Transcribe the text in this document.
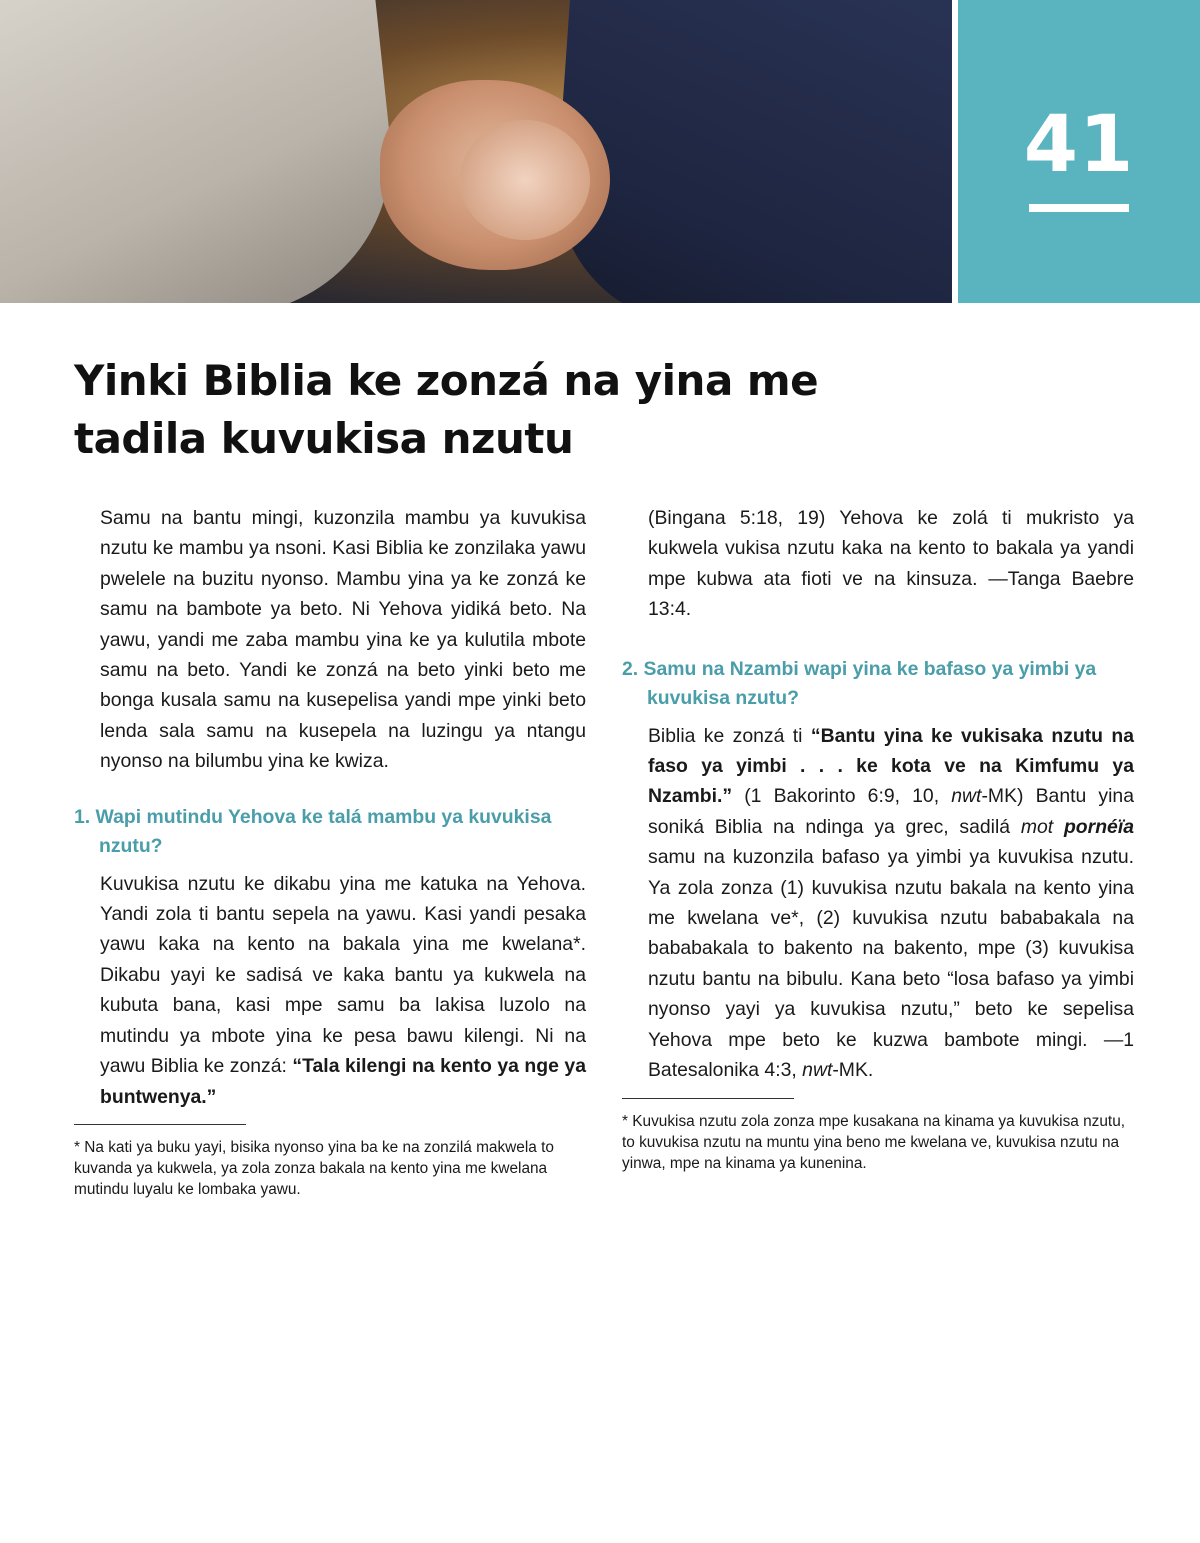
41
Yinki Biblia ke zonzá na yina me tadila kuvukisa nzutu

Samu na bantu mingi, kuzonzila mambu ya kuvukisa nzutu ke mambu ya nsoni. Kasi Biblia ke zonzilaka yawu pwelele na buzitu nyonso. Mambu yina ya ke zonzá ke samu na bambote ya beto. Ni Yehova yidiká beto. Na yawu, yandi me zaba mambu yina ke ya kulutila mbote samu na beto. Yandi ke zonzá na beto yinki beto me bonga kusala samu na kusepelisa yandi mpe yinki beto lenda sala samu na kusepela na luzingu ya ntangu nyonso na bilumbu yina ke kwiza.

1. Wapi mutindu Yehova ke talá mambu ya kuvukisa nzutu?

Kuvukisa nzutu ke dikabu yina me katuka na Yehova. Yandi zola ti bantu sepela na yawu. Kasi yandi pesaka yawu kaka na kento na bakala yina me kwelana*. Dikabu yayi ke sadisá ve kaka bantu ya kukwela na kubuta bana, kasi mpe samu ba lakisa luzolo na mutindu ya mbote yina ke pesa bawu kilengi. Ni na yawu Biblia ke zonzá: “Tala kilengi na kento ya nge ya buntwenya.”

* Na kati ya buku yayi, bisika nyonso yina ba ke na zonzilá makwela to kuvanda ya kukwela, ya zola zonza bakala na kento yina me kwelana mutindu luyalu ke lombaka yawu.

(Bingana 5:18, 19) Yehova ke zolá ti mukristo ya kukwela vukisa nzutu kaka na kento to bakala ya yandi mpe kubwa ata fioti ve na kinsuza. —Tanga Baebre 13:4.

2. Samu na Nzambi wapi yina ke bafaso ya yimbi ya kuvukisa nzutu?

Biblia ke zonzá ti “Bantu yina ke vukisaka nzutu na faso ya yimbi . . . ke kota ve na Kimfumu ya Nzambi.” (1 Bakorinto 6:9, 10, nwt-MK) Bantu yina soniká Biblia na ndinga ya grec, sadilá mot pornéïa samu na kuzonzila bafaso ya yimbi ya kuvukisa nzutu. Ya zola zonza (1) kuvukisa nzutu bakala na kento yina me kwelana ve*, (2) kuvukisa nzutu bababakala na bababakala to bakento na bakento, mpe (3) kuvukisa nzutu bantu na bibulu. Kana beto “losa bafaso ya yimbi nyonso yayi ya kuvukisa nzutu,” beto ke sepelisa Yehova mpe beto ke kuzwa bambote mingi. —1 Batesalonika 4:3, nwt-MK.

* Kuvukisa nzutu zola zonza mpe kusakana na kinama ya kuvukisa nzutu, to kuvukisa nzutu na muntu yina beno me kwelana ve, kuvukisa nzutu na yinwa, mpe na kinama ya kunenina.
